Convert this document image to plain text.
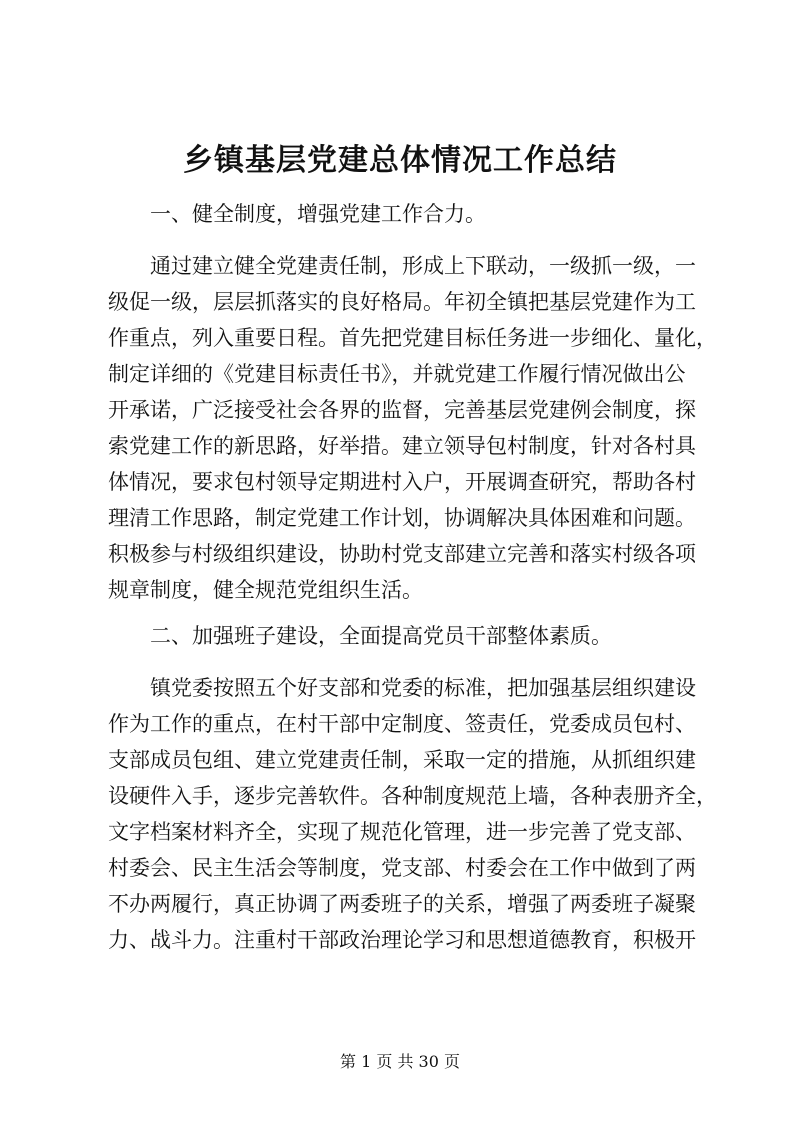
乡镇基层党建总体情况工作总结

一、健全制度，增强党建工作合力。

通过建立健全党建责任制，形成上下联动，一级抓一级，一
级促一级，层层抓落实的良好格局。年初全镇把基层党建作为工
作重点，列入重要日程。首先把党建目标任务进一步细化、量化，
制定详细的《党建目标责任书》，并就党建工作履行情况做出公
开承诺，广泛接受社会各界的监督，完善基层党建例会制度，探
索党建工作的新思路，好举措。建立领导包村制度，针对各村具
体情况，要求包村领导定期进村入户，开展调查研究，帮助各村
理清工作思路，制定党建工作计划，协调解决具体困难和问题。
积极参与村级组织建设，协助村党支部建立完善和落实村级各项
规章制度，健全规范党组织生活。

二、加强班子建设，全面提高党员干部整体素质。

镇党委按照五个好支部和党委的标准，把加强基层组织建设
作为工作的重点，在村干部中定制度、签责任，党委成员包村、
支部成员包组、建立党建责任制，采取一定的措施，从抓组织建
设硬件入手，逐步完善软件。各种制度规范上墙，各种表册齐全，
文字档案材料齐全，实现了规范化管理，进一步完善了党支部、
村委会、民主生活会等制度，党支部、村委会在工作中做到了两
不办两履行，真正协调了两委班子的关系，增强了两委班子凝聚
力、战斗力。注重村干部政治理论学习和思想道德教育，积极开

第 1 页 共 30 页
